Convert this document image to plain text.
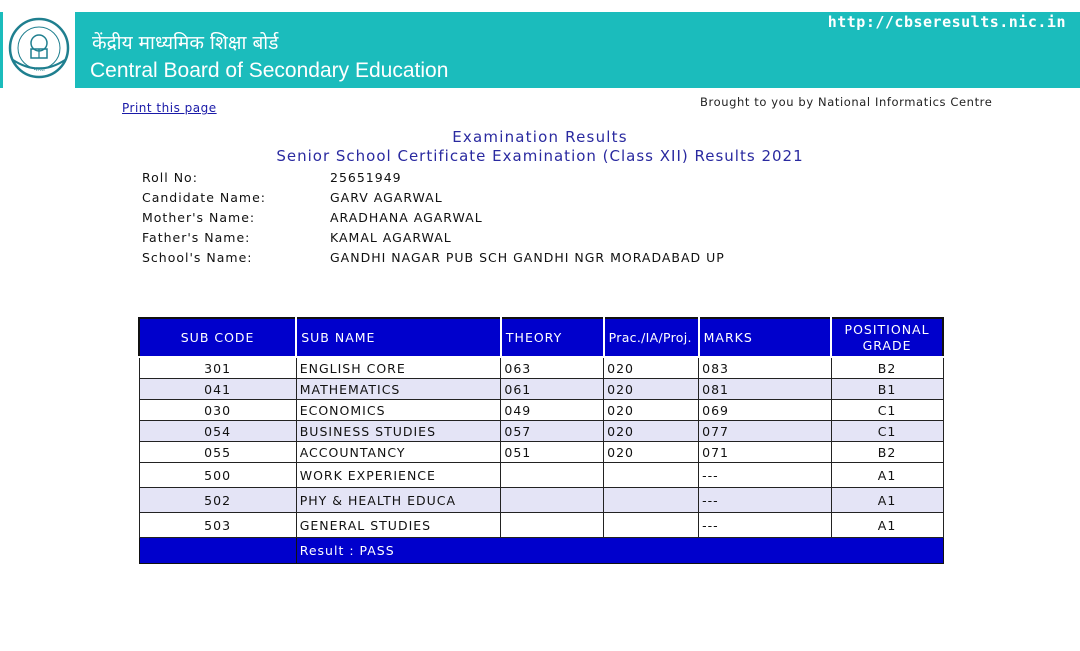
भारत
केंद्रीय माध्यमिक शिक्षा बोर्ड
Central Board of Secondary Education
http://cbseresults.nic.in
Print this page	Brought to you by National Informatics Centre
Examination Results
Senior School Certificate Examination (Class XII) Results 2021
Roll No:	25651949
Candidate Name:	GARV AGARWAL
Mother's Name:	ARADHANA AGARWAL
Father's Name:	KAMAL AGARWAL
School's Name:	GANDHI NAGAR PUB SCH GANDHI NGR MORADABAD UP
SUB CODE	SUB NAME	THEORY	Prac./IA/Proj.	MARKS	POSITIONAL GRADE
301	ENGLISH CORE	063	020	083	B2
041	MATHEMATICS	061	020	081	B1
030	ECONOMICS	049	020	069	C1
054	BUSINESS STUDIES	057	020	077	C1
055	ACCOUNTANCY	051	020	071	B2
500	WORK EXPERIENCE			---	A1
502	PHY & HEALTH EDUCA			---	A1
503	GENERAL STUDIES			---	A1
	Result : PASS				
